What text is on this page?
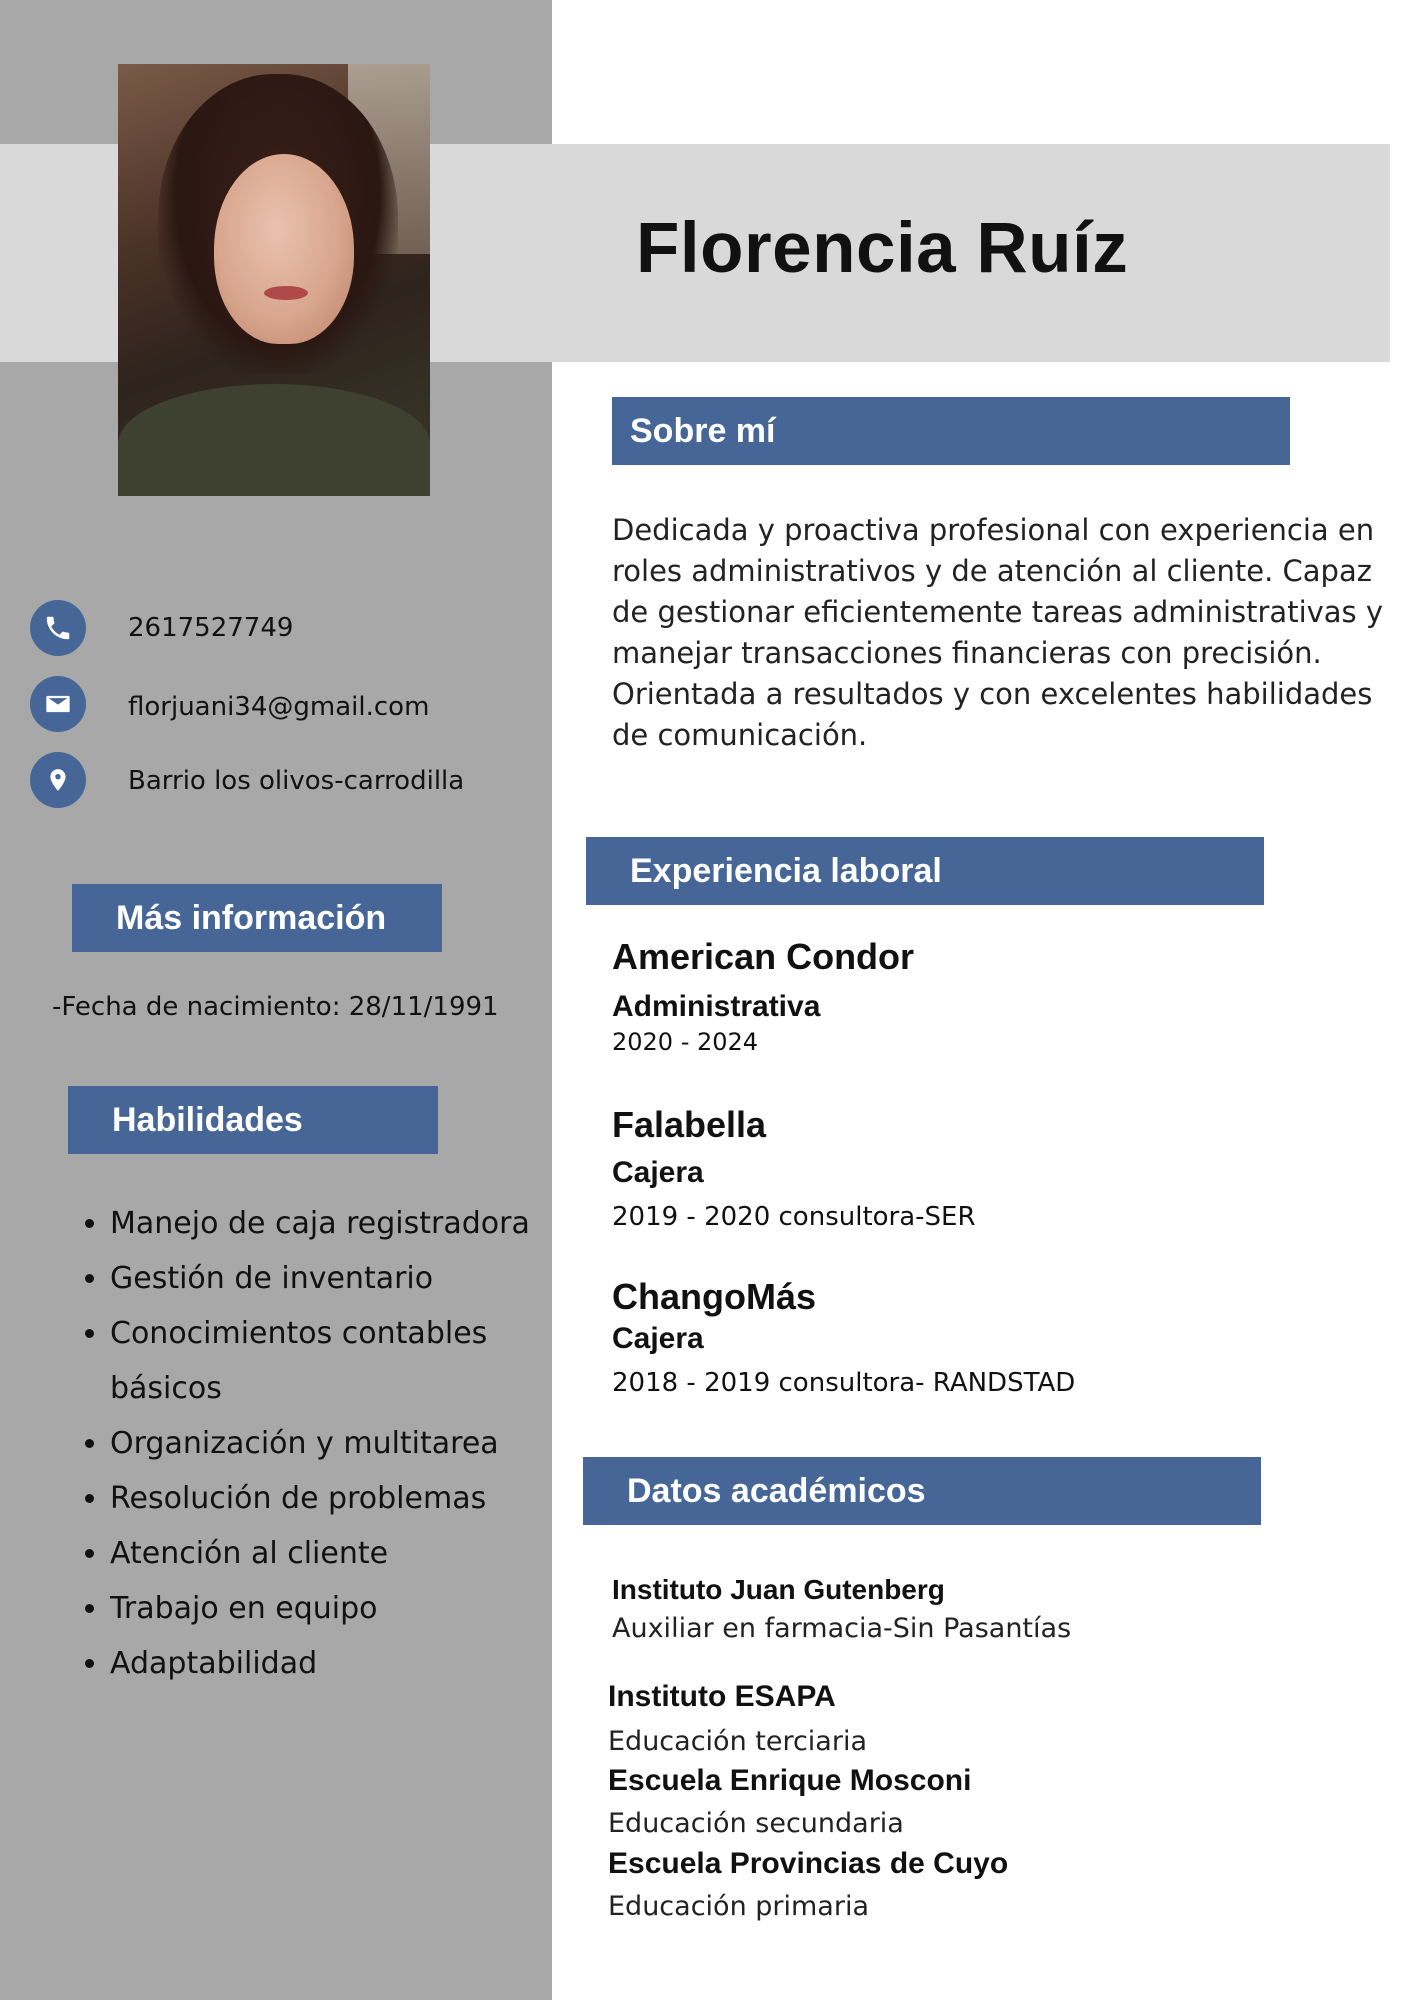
Florencia Ruíz
2617527749
florjuani34@gmail.com
Barrio los olivos-carrodilla
Más información
-Fecha de nacimiento: 28/11/1991
Habilidades
• Manejo de caja registradora
• Gestión de inventario
• Conocimientos contables básicos
• Organización y multitarea
• Resolución de problemas
• Atención al cliente
• Trabajo en equipo
• Adaptabilidad
Sobre mí
Dedicada y proactiva profesional con experiencia en roles administrativos y de atención al cliente. Capaz de gestionar eficientemente tareas administrativas y manejar transacciones financieras con precisión. Orientada a resultados y con excelentes habilidades de comunicación.
Experiencia laboral
American Condor
Administrativa
2020 - 2024
Falabella
Cajera
2019 - 2020 consultora-SER
ChangoMás
Cajera
2018 - 2019 consultora- RANDSTAD
Datos académicos
Instituto Juan Gutenberg
Auxiliar en farmacia-Sin Pasantías
Instituto ESAPA
Educación terciaria
Escuela Enrique Mosconi
Educación secundaria
Escuela Provincias de Cuyo
Educación primaria
